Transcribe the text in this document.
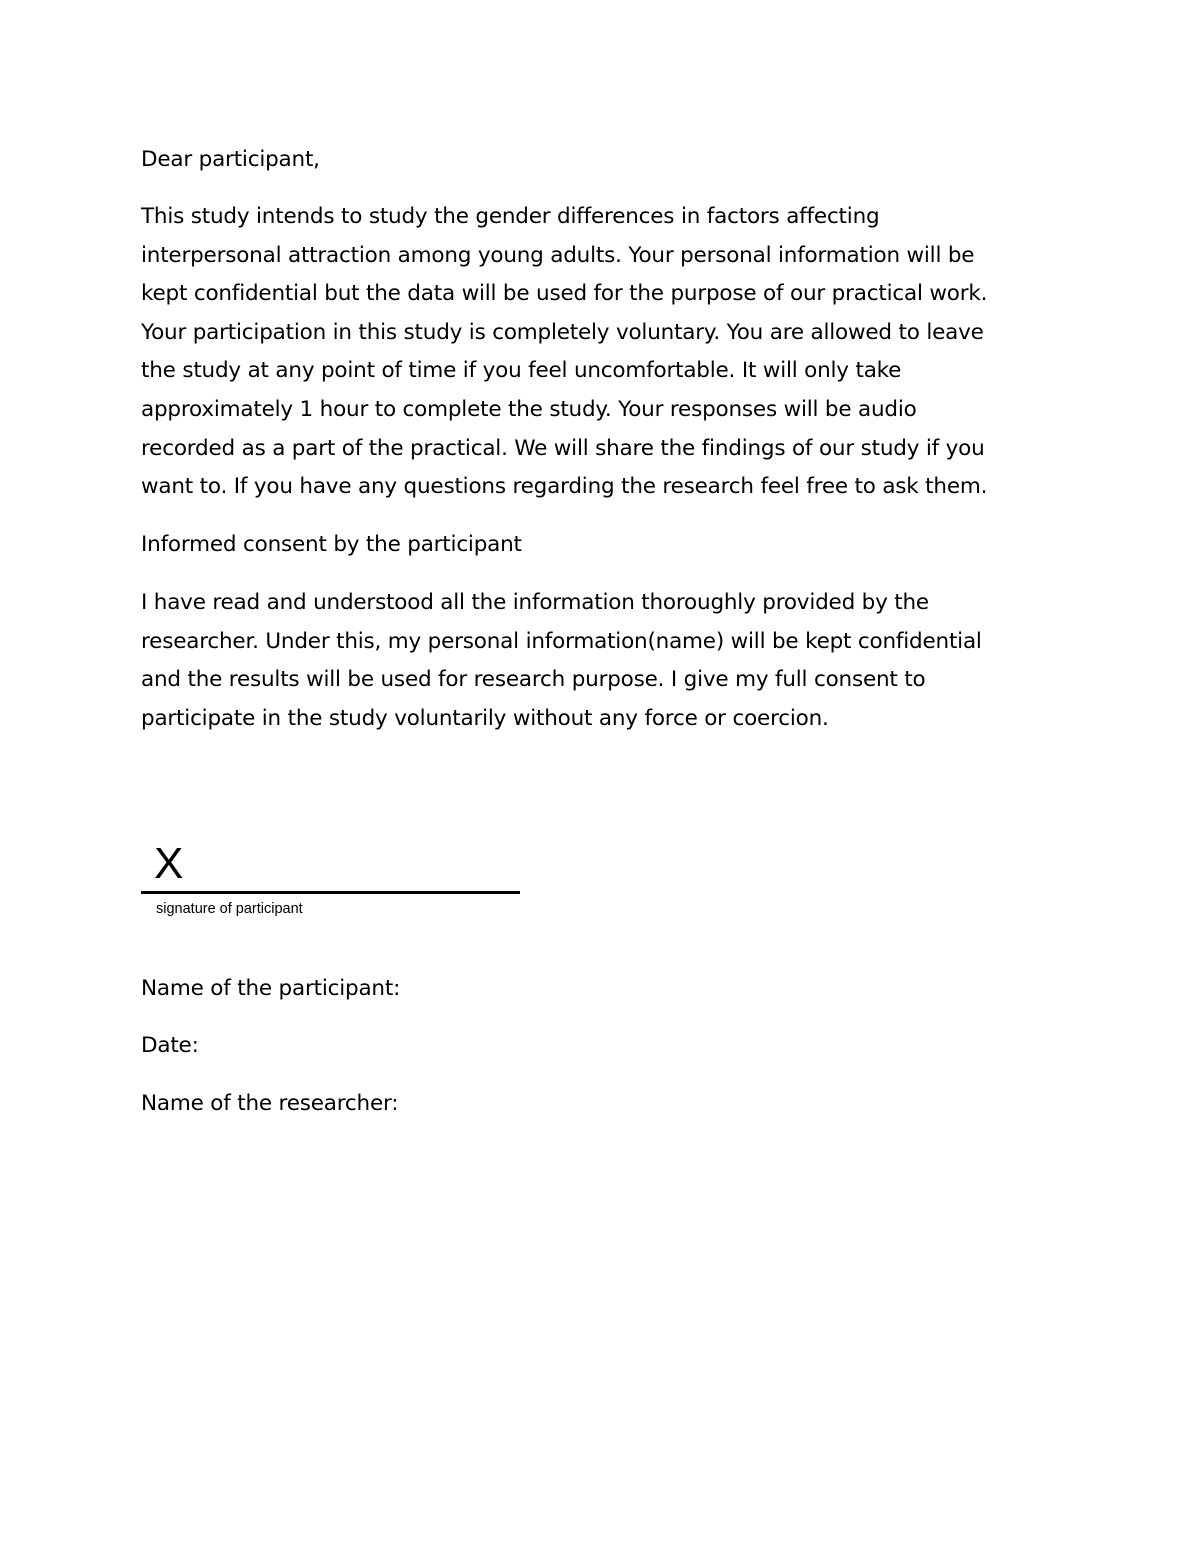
Dear participant,

This study intends to study the gender differences in factors affecting
interpersonal attraction among young adults. Your personal information will be
kept confidential but the data will be used for the purpose of our practical work.
Your participation in this study is completely voluntary. You are allowed to leave
the study at any point of time if you feel uncomfortable. It will only take
approximately 1 hour to complete the study. Your responses will be audio
recorded as a part of the practical. We will share the findings of our study if you
want to. If you have any questions regarding the research feel free to ask them.

Informed consent by the participant

I have read and understood all the information thoroughly provided by the
researcher. Under this, my personal information(name) will be kept confidential
and the results will be used for research purpose. I give my full consent to
participate in the study voluntarily without any force or coercion.

X
signature of participant
Name of the participant:
Date:
Name of the researcher:
